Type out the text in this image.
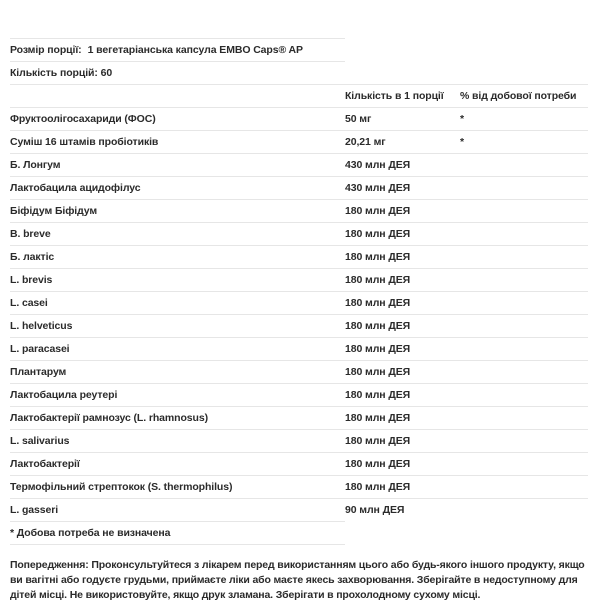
Розмір порції: 1 вегетаріанська капсула EMBO Caps® AP
Кількість порцій: 60
	Кількість в 1 порції	% від добової потреби
Фруктоолігосахариди (ФОС)	50 мг	*
Суміш 16 штамів пробіотиків	20,21 мг	*
Б. Лонгум	430 млн ДЕЯ	
Лактобацила ацидофілус	430 млн ДЕЯ	
Біфідум Біфідум	180 млн ДЕЯ	
B. breve	180 млн ДЕЯ	
Б. лактіс	180 млн ДЕЯ	
L. brevis	180 млн ДЕЯ	
L. casei	180 млн ДЕЯ	
L. helveticus	180 млн ДЕЯ	
L. paracasei	180 млн ДЕЯ	
Плантарум	180 млн ДЕЯ	
Лактобацила реутері	180 млн ДЕЯ	
Лактобактерії рамнозус (L. rhamnosus)	180 млн ДЕЯ	
L. salivarius	180 млн ДЕЯ	
Лактобактерії	180 млн ДЕЯ	
Термофільний стрептокок (S. thermophilus)	180 млн ДЕЯ	
L. gasseri	90 млн ДЕЯ	
* Добова потреба не визначена

Попередження: Проконсультуйтеся з лікарем перед використанням цього або будь-якого іншого продукту, якщо ви вагітні або годуєте грудьми, приймаєте ліки або маєте якесь захворювання. Зберігайте в недоступному для дітей місці. Не використовуйте, якщо друк зламана. Зберігати в прохолодному сухому місці.
